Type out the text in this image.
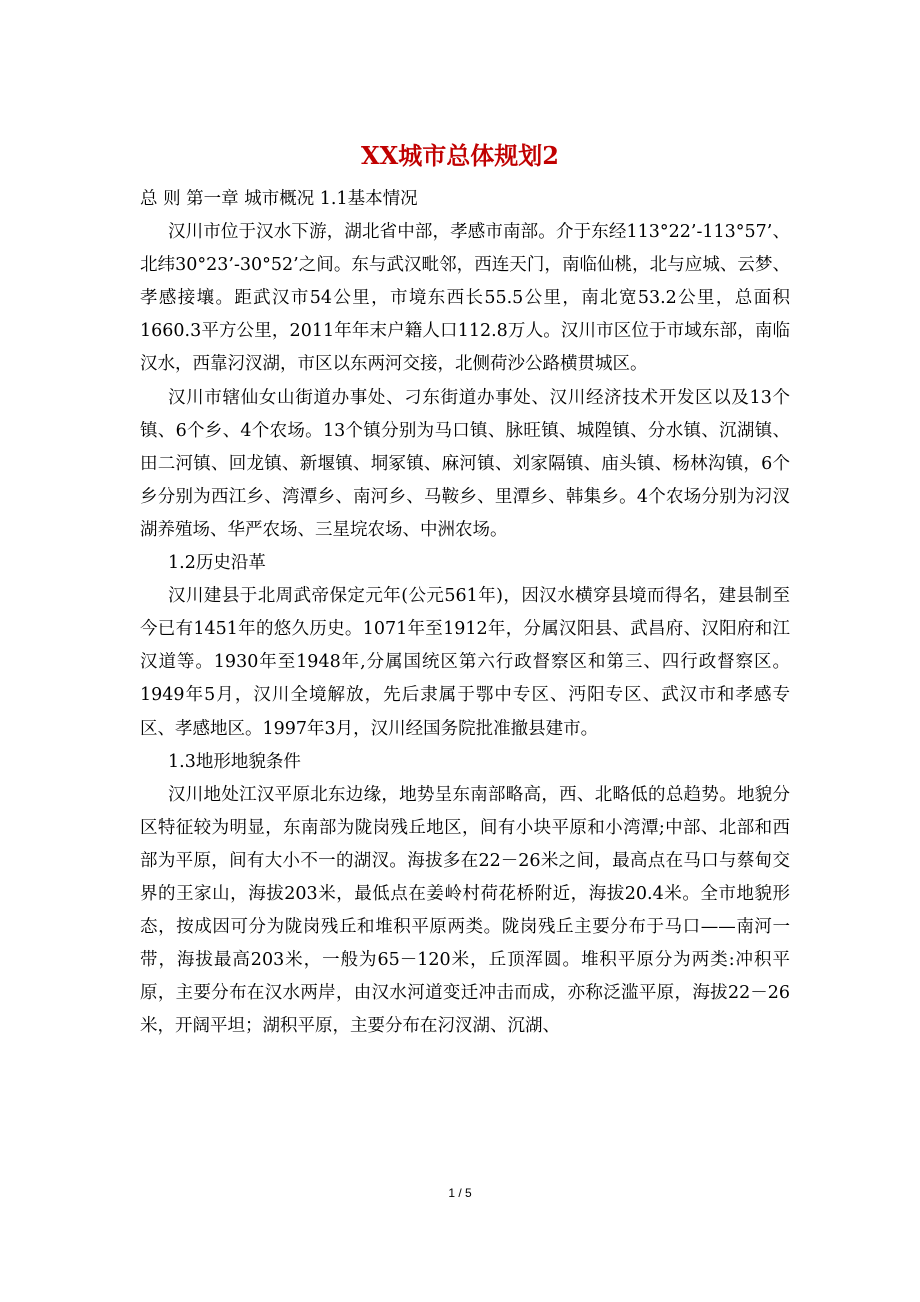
XX城市总体规划2

总 则 第一章 城市概况 1.1基本情况

汉川市位于汉水下游，湖北省中部，孝感市南部。介于东经113°22’-113°57’、北纬30°23’-30°52’之间。东与武汉毗邻，西连天门，南临仙桃，北与应城、云梦、孝感接壤。距武汉市54公里，市境东西长55.5公里，南北宽53.2公里，总面积1660.3平方公里，2011年年末户籍人口112.8万人。汉川市区位于市域东部，南临汉水，西靠汈汊湖，市区以东两河交接，北侧荷沙公路横贯城区。

汉川市辖仙女山街道办事处、刁东街道办事处、汉川经济技术开发区以及13个镇、6个乡、4个农场。13个镇分别为马口镇、脉旺镇、城隍镇、分水镇、沉湖镇、田二河镇、回龙镇、新堰镇、垌冢镇、麻河镇、刘家隔镇、庙头镇、杨林沟镇，6个乡分别为西江乡、湾潭乡、南河乡、马鞍乡、里潭乡、韩集乡。4个农场分别为汈汊湖养殖场、华严农场、三星垸农场、中洲农场。

1.2历史沿革

汉川建县于北周武帝保定元年(公元561年)，因汉水横穿县境而得名，建县制至今已有1451年的悠久历史。1071年至1912年，分属汉阳县、武昌府、汉阳府和江汉道等。1930年至1948年,分属国统区第六行政督察区和第三、四行政督察区。1949年5月，汉川全境解放，先后隶属于鄂中专区、沔阳专区、武汉市和孝感专区、孝感地区。1997年3月，汉川经国务院批准撤县建市。

1.3地形地貌条件

汉川地处江汉平原北东边缘，地势呈东南部略高，西、北略低的总趋势。地貌分区特征较为明显，东南部为陇岗残丘地区，间有小块平原和小湾潭;中部、北部和西部为平原，间有大小不一的湖汊。海拔多在22－26米之间，最高点在马口与蔡甸交界的王家山，海拔203米，最低点在姜岭村荷花桥附近，海拔20.4米。全市地貌形态，按成因可分为陇岗残丘和堆积平原两类。陇岗残丘主要分布于马口——南河一带，海拔最高203米，一般为65－120米，丘顶浑圆。堆积平原分为两类:冲积平原，主要分布在汉水两岸，由汉水河道变迁冲击而成，亦称泛滥平原，海拔22－26米，开阔平坦；湖积平原，主要分布在汈汊湖、沉湖、

1 / 5
